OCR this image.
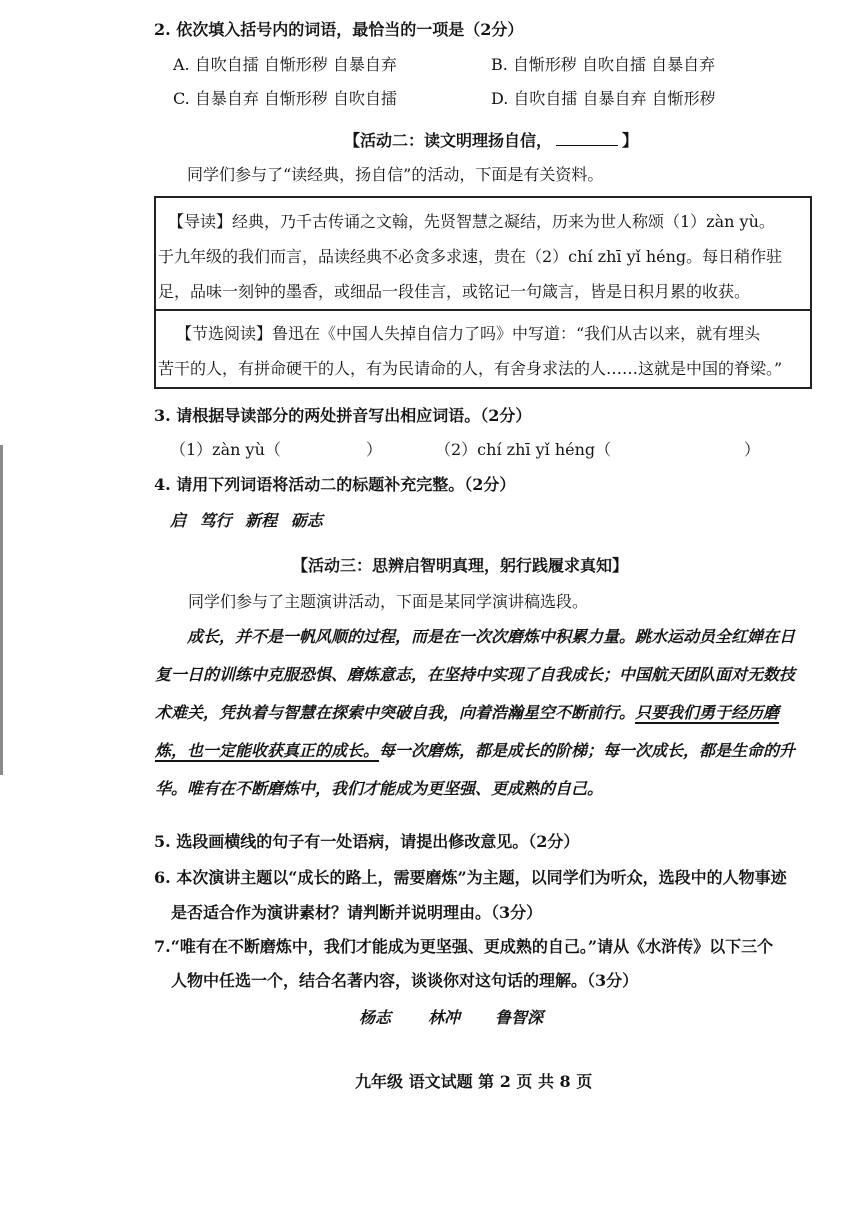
2. 依次填入括号内的词语，最恰当的一项是（2分）
A. 自吹自擂 自惭形秽 自暴自弃	B. 自惭形秽 自吹自擂 自暴自弃
C. 自暴自弃 自惭形秽 自吹自擂	D. 自吹自擂 自暴自弃 自惭形秽
【活动二：读文明理扬自信，	】
同学们参与了“读经典，扬自信”的活动，下面是有关资料。

【导读】经典，乃千古传诵之文翰，先贤智慧之凝结，历来为世人称颂（1）zàn yù。

于九年级的我们而言，品读经典不必贪多求速，贵在（2）chí zhī yǐ héng。每日稍作驻

足，品味一刻钟的墨香，或细品一段佳言，或铭记一句箴言，皆是日积月累的收获。

【节选阅读】鲁迅在《中国人失掉自信力了吗》中写道：“我们从古以来，就有埋头

苦干的人，有拼命硬干的人，有为民请命的人，有舍身求法的人……这就是中国的脊梁。”

3. 请根据导读部分的两处拼音写出相应词语。（2分）
（1）zàn yù（	）	（2）chí zhī yǐ héng（	）
4. 请用下列词语将活动二的标题补充完整。（2分）
启 笃行 新程 砺志
【活动三：思辨启智明真理，躬行践履求真知】
同学们参与了主题演讲活动，下面是某同学演讲稿选段。

成长，并不是一帆风顺的过程，而是在一次次磨炼中积累力量。跳水运动员全红婵在日

复一日的训练中克服恐惧、磨炼意志，在坚持中实现了自我成长；中国航天团队面对无数技

术难关，凭执着与智慧在探索中突破自我，向着浩瀚星空不断前行。只要我们勇于经历磨

炼，也一定能收获真正的成长。每一次磨炼，都是成长的阶梯；每一次成长，都是生命的升

华。唯有在不断磨炼中，我们才能成为更坚强、更成熟的自己。

5. 选段画横线的句子有一处语病，请提出修改意见。（2分）
6. 本次演讲主题以“成长的路上，需要磨炼”为主题，以同学们为听众，选段中的人物事迹
是否适合作为演讲素材？请判断并说明理由。（3分）
7.“唯有在不断磨炼中，我们才能成为更坚强、更成熟的自己。”请从《水浒传》以下三个
人物中任选一个，结合名著内容，谈谈你对这句话的理解。（3分）
杨志 林冲 鲁智深
九年级 语文试题 第 2 页 共 8 页
